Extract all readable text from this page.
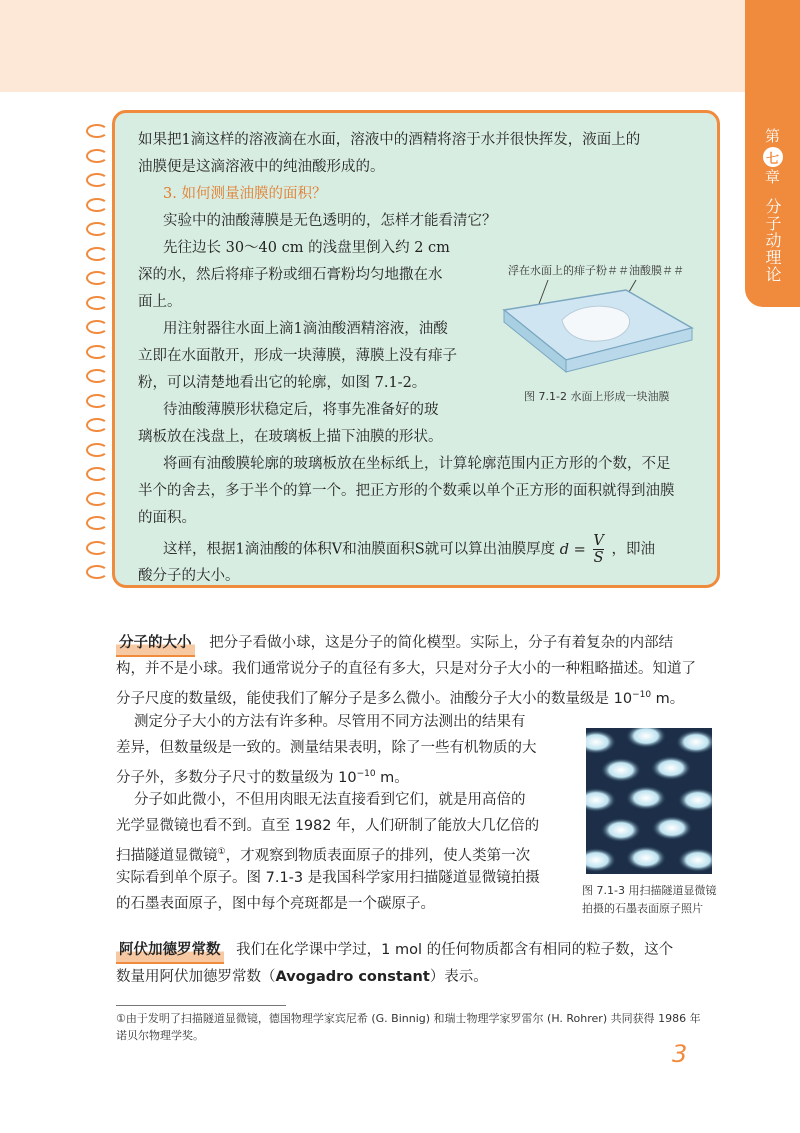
第
七
章
分子动理论
如果把1滴这样的溶液滴在水面，溶液中的酒精将溶于水并很快挥发，液面上的
油膜便是这滴溶液中的纯油酸形成的。
3. 如何测量油膜的面积？
实验中的油酸薄膜是无色透明的，怎样才能看清它？
先往边长 30～40 cm 的浅盘里倒入约 2 cm
深的水，然后将痱子粉或细石膏粉均匀地撒在水
面上。
用注射器往水面上滴1滴油酸酒精溶液，油酸
立即在水面散开，形成一块薄膜，薄膜上没有痱子
粉，可以清楚地看出它的轮廓，如图 7.1-2。
待油酸薄膜形状稳定后，将事先准备好的玻
璃板放在浅盘上，在玻璃板上描下油膜的形状。
将画有油酸膜轮廓的玻璃板放在坐标纸上，计算轮廓范围内正方形的个数，不足
半个的舍去，多于半个的算一个。把正方形的个数乘以单个正方形的面积就得到油膜
的面积。
这样，根据1滴油酸的体积V和油膜面积S就可以算出油膜厚度 $d = \frac{V}{S}$ ，即油
酸分子的大小。
浮在水面上的痱子粉＃＃油酸膜＃＃
图 7.1-2 水面上形成一块油膜
分子的大小 把分子看做小球，这是分子的简化模型。实际上，分子有着复杂的内部结
构，并不是小球。我们通常说分子的直径有多大，只是对分子大小的一种粗略描述。知道了
分子尺度的数量级，能使我们了解分子是多么微小。油酸分子大小的数量级是 $10^{-10}$ m。
测定分子大小的方法有许多种。尽管用不同方法测出的结果有
差异，但数量级是一致的。测量结果表明，除了一些有机物质的大
分子外，多数分子尺寸的数量级为 $10^{-10}$ m。
分子如此微小，不但用肉眼无法直接看到它们，就是用高倍的
光学显微镜也看不到。直至 1982 年，人们研制了能放大几亿倍的
扫描隧道显微镜①，才观察到物质表面原子的排列，使人类第一次
实际看到单个原子。图 7.1-3 是我国科学家用扫描隧道显微镜拍摄
的石墨表面原子，图中每个亮斑都是一个碳原子。
图 7.1-3 用扫描隧道显微镜
拍摄的石墨表面原子照片
阿伏加德罗常数 我们在化学课中学过，1 mol 的任何物质都含有相同的粒子数，这个
数量用阿伏加德罗常数（Avogadro constant）表示。
①由于发明了扫描隧道显微镜，德国物理学家宾尼希 (G. Binnig) 和瑞士物理学家罗雷尔 (H. Rohrer) 共同获得 1986 年
诺贝尔物理学奖。
3
